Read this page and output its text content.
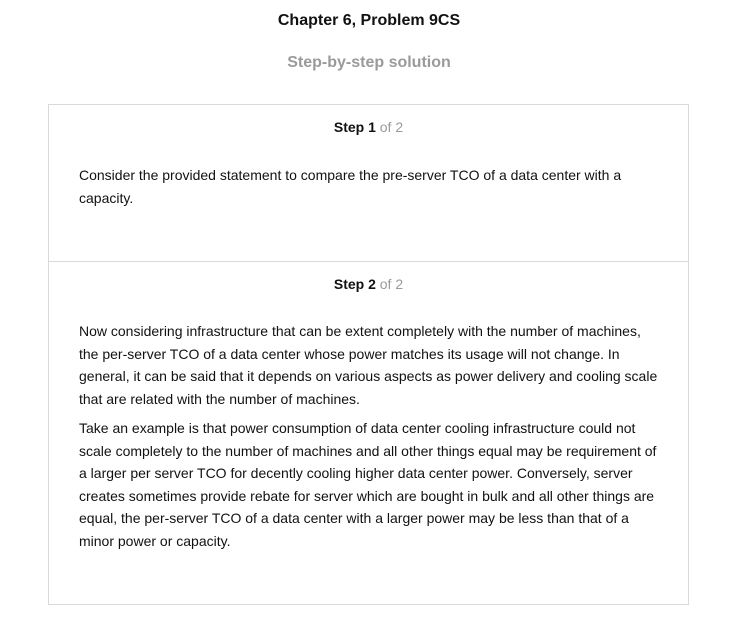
Chapter 6, Problem 9CS
Step-by-step solution
Step 1 of 2

Consider the provided statement to compare the pre-server TCO of a data center with a capacity.

Step 2 of 2

Now considering infrastructure that can be extent completely with the number of machines, the per-server TCO of a data center whose power matches its usage will not change. In general, it can be said that it depends on various aspects as power delivery and cooling scale that are related with the number of machines.

Take an example is that power consumption of data center cooling infrastructure could not scale completely to the number of machines and all other things equal may be requirement of a larger per server TCO for decently cooling higher data center power. Conversely, server creates sometimes provide rebate for server which are bought in bulk and all other things are equal, the per-server TCO of a data center with a larger power may be less than that of a minor power or capacity.
